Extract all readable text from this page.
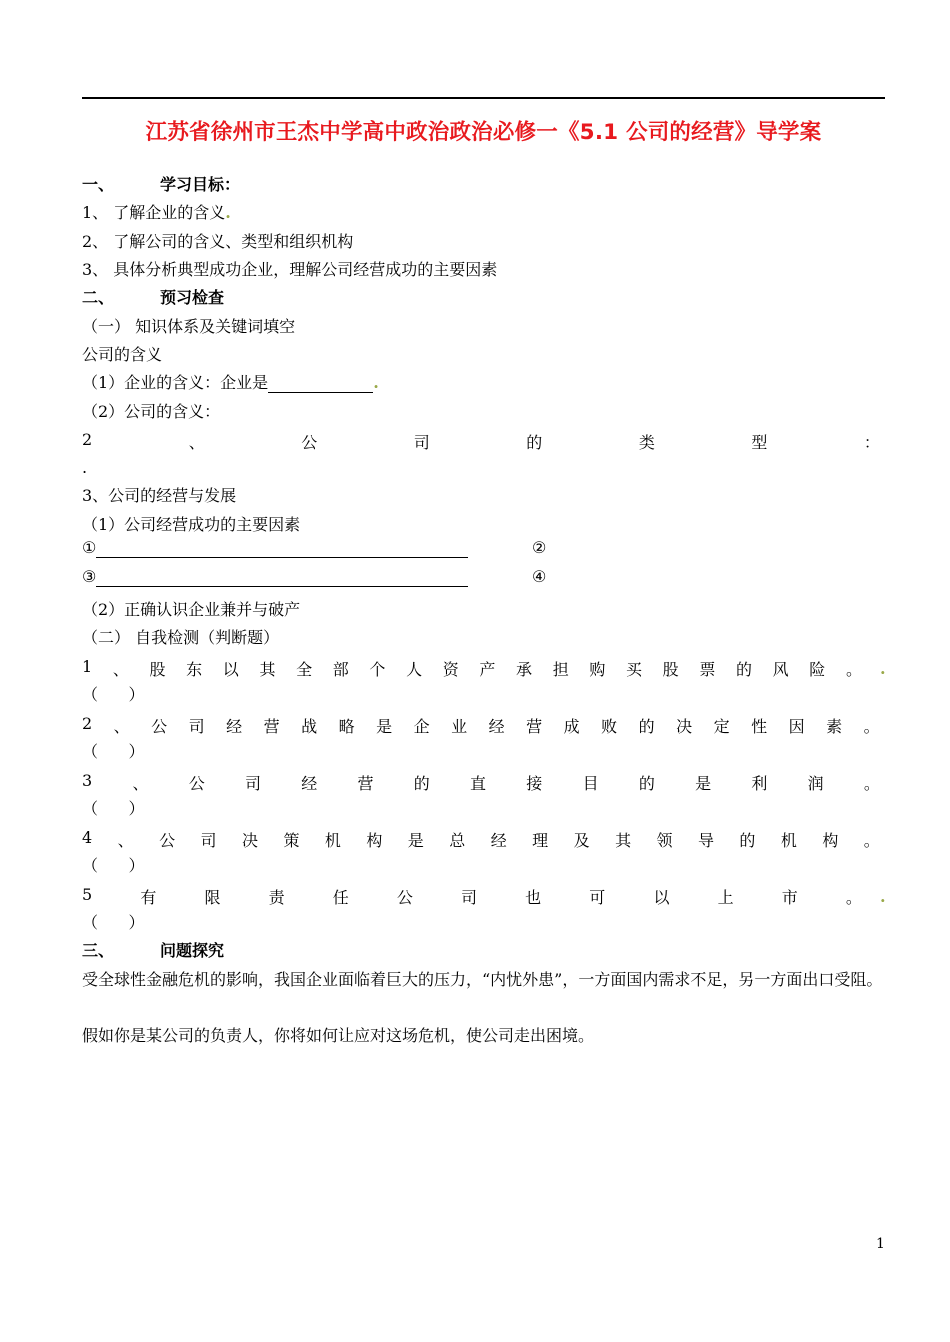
江苏省徐州市王杰中学高中政治政治必修一《5.1 公司的经营》导学案
一、	学习目标：
1、 了解企业的含义.
2、 了解公司的含义、类型和组织机构
3、 具体分析典型成功企业，理解公司经营成功的主要因素
二、	预习检查
（一） 知识体系及关键词填空
公司的含义
（1）企业的含义：企业是	.
（2）公司的含义：
2	、	公	司	的	类	型	：
.
3、公司的经营与发展
（1）公司经营成功的主要因素
①	②
③	④
（2）正确认识企业兼并与破产
（二） 自我检测（判断题）
1 、 股 东 以 其 全 部 个 人 资 产 承 担 购 买 股 票 的 风 险 。 .
（      ）
2 、 公 司 经 营 战 略 是 企 业 经 营 成 败 的 决 定 性 因 素 。
（      ）
3	、	公	司	经	营	的	直	接	目	的	是	利	润	。
（      ）
4 、 公 司 决 策 机 构 是 总 经 理 及 其 领 导 的 机 构 。
（      ）
5	有	限	责	任	公	司	也	可	以	上	市	。 .
（      ）
三、	问题探究
受全球性金融危机的影响，我国企业面临着巨大的压力，“内忧外患”，一方面国内需求不足，另一方面出口受阻。
假如你是某公司的负责人，你将如何让应对这场危机，使公司走出困境。
1
